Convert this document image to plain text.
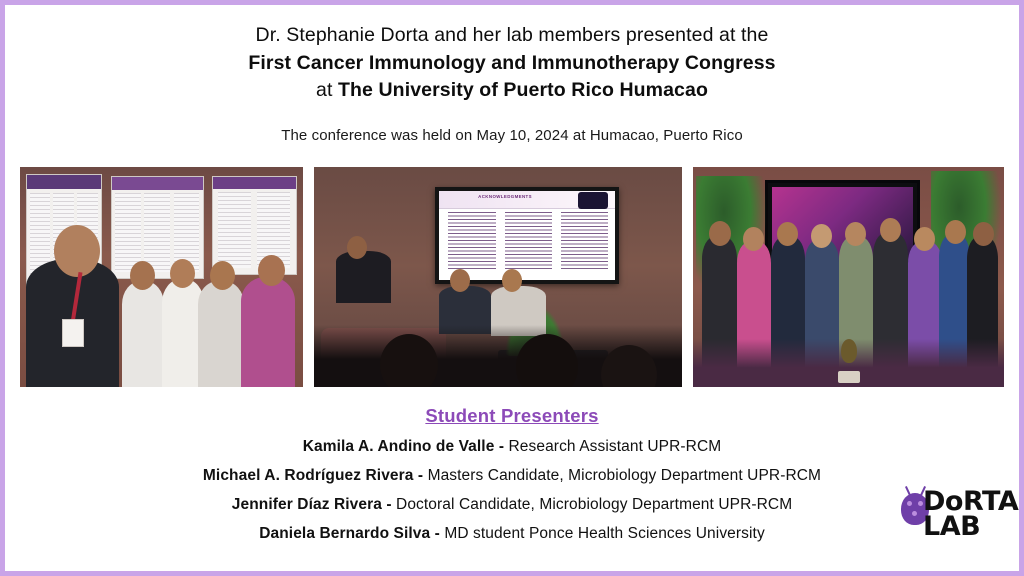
Dr. Stephanie Dorta and her lab members presented at the
First Cancer Immunology and Immunotherapy Congress
at The University of Puerto Rico Humacao
The conference was held on May 10, 2024 at Humacao, Puerto Rico
ACKNOWLEDGMENTS
Student Presenters
Kamila A. Andino de Valle - Research Assistant UPR-RCM
Michael A. Rodríguez Rivera - Masters Candidate, Microbiology Department UPR-RCM
Jennifer Díaz Rivera - Doctoral Candidate, Microbiology Department UPR-RCM
Daniela Bernardo Silva - MD student Ponce Health Sciences University
DoRTA
LAB
